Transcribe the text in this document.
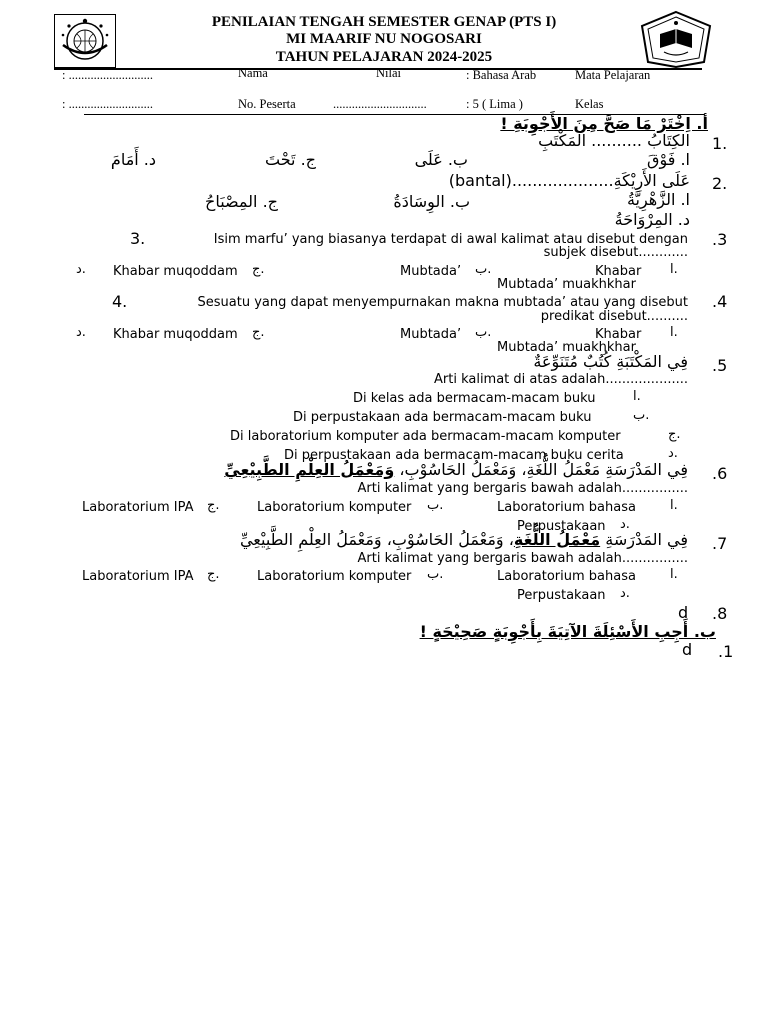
PENILAIAN TENGAH SEMESTER GENAP (PTS I)
MI MAARIF NU NOGOSARI
TAHUN PELAJARAN 2024-2025
: ...........................	Nama	Nilai	: Bahasa Arab	Mata Pelajaran
: ...........................	No. Peserta	..............................	: 5 ( Lima )	Kelas
أ. اِخْتَرْ مَا صَحَّ مِنَ الأَجْوِبَةِ !
1.
الكِتَابُ .......... المَكْتَبِ
ا. فَوْقَ
ب. عَلَى
ج. تَحْتَ
د. أَمَامَ
2.
عَلَى الأَرِيْكَةِ....................(bantal)
ا. الزَّهْرِيَّةُ
ب. الوِسَادَةُ
ج. المِصْبَاحُ
د. المِرْوَاحَةُ
.3
3.	Isim marfu’ yang biasanya terdapat di awal kalimat atau disebut dengan
subjek disebut............
ا.
Khabar
Mubtada’ muakhkhar
ب.
Mubtada’
ج.
Khabar muqoddam
د.
.4
4.	Sesuatu yang dapat menyempurnakan makna mubtada’ atau yang disebut
predikat disebut..........
ا.
Khabar
Mubtada’ muakhkhar
ب.
Mubtada’
ج.
Khabar muqoddam
د.
.5
فِي المَكْتَبَةِ كُتُبٌ مُتَنَوِّعَةٌ
Arti kalimat di atas adalah....................
ا.
Di kelas ada bermacam-macam buku
ب.
Di perpustakaan ada bermacam-macam buku
ج.
Di laboratorium komputer ada bermacam-macam komputer
د.
Di perpustakaan ada bermacam-macam buku cerita
.6
فِي المَدْرَسَةِ مَعْمَلُ اللُّغَةِ، وَمَعْمَلُ الحَاسُوْبِ، وَمَعْمَلُ العِلْمِ الطَّبِيْعِيِّ
Arti kalimat yang bergaris bawah adalah................
ا.
Laboratorium bahasa
ب.
Laboratorium komputer
ج.
Laboratorium IPA
د.
Perpustakaan
.7
فِي المَدْرَسَةِ مَعْمَلُ اللُّغَةِ، وَمَعْمَلُ الحَاسُوْبِ، وَمَعْمَلُ العِلْمِ الطَّبِيْعِيِّ
Arti kalimat yang bergaris bawah adalah................
ا.
Laboratorium bahasa
ب.
Laboratorium komputer
ج.
Laboratorium IPA
د.
Perpustakaan
.8
d
ب. أَجِبِ الأَسْئِلَةَ الآتِيَةَ بِأَجْوِبَةٍ صَحِيْحَةٍ !
.1
d
